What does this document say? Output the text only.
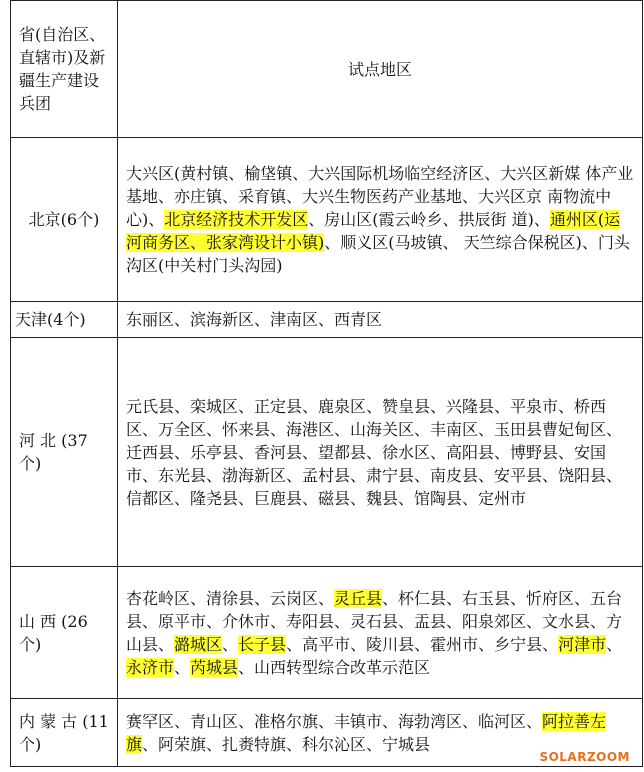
省(自治区、直辖市)及新疆生产建设兵团	试点地区
北京(6个)	大兴区(黄村镇、榆垡镇、大兴国际机场临空经济区、大兴区新媒 体产业基地、亦庄镇、采育镇、大兴生物医药产业基地、大兴区京 南物流中心)、北京经济技术开发区、房山区(霞云岭乡、拱辰街 道)、通州区(运河商务区、张家湾设计小镇)、顺义区(马坡镇、 天竺综合保税区)、门头沟区(中关村门头沟园)
天津(4个)	东丽区、滨海新区、津南区、西青区
河 北 (37个)	元氏县、栾城区、正定县、鹿泉区、赞皇县、兴隆县、平泉市、桥西区、万全区、怀来县、海港区、山海关区、丰南区、玉田县曹妃甸区、迁西县、乐亭县、香河县、望都县、徐水区、高阳县、博野县、安国市、东光县、渤海新区、孟村县、肃宁县、南皮县、安平县、饶阳县、信都区、隆尧县、巨鹿县、磁县、魏县、馆陶县、定州市
山 西 (26个)	杏花岭区、清徐县、云岗区、灵丘县、杯仁县、右玉县、忻府区、五台县、原平市、介休市、寿阳县、灵石县、盂县、阳泉郊区、文水县、方山县、潞城区、长子县、高平市、陵川县、霍州市、乡宁县、河津市、永济市、芮城县、山西转型综合改革示范区
内 蒙 古 (11个)	赛罕区、青山区、准格尔旗、丰镇市、海勃湾区、临河区、阿拉善左旗、阿荣旗、扎赉特旗、科尔沁区、宁城县
SOLARZOOM
